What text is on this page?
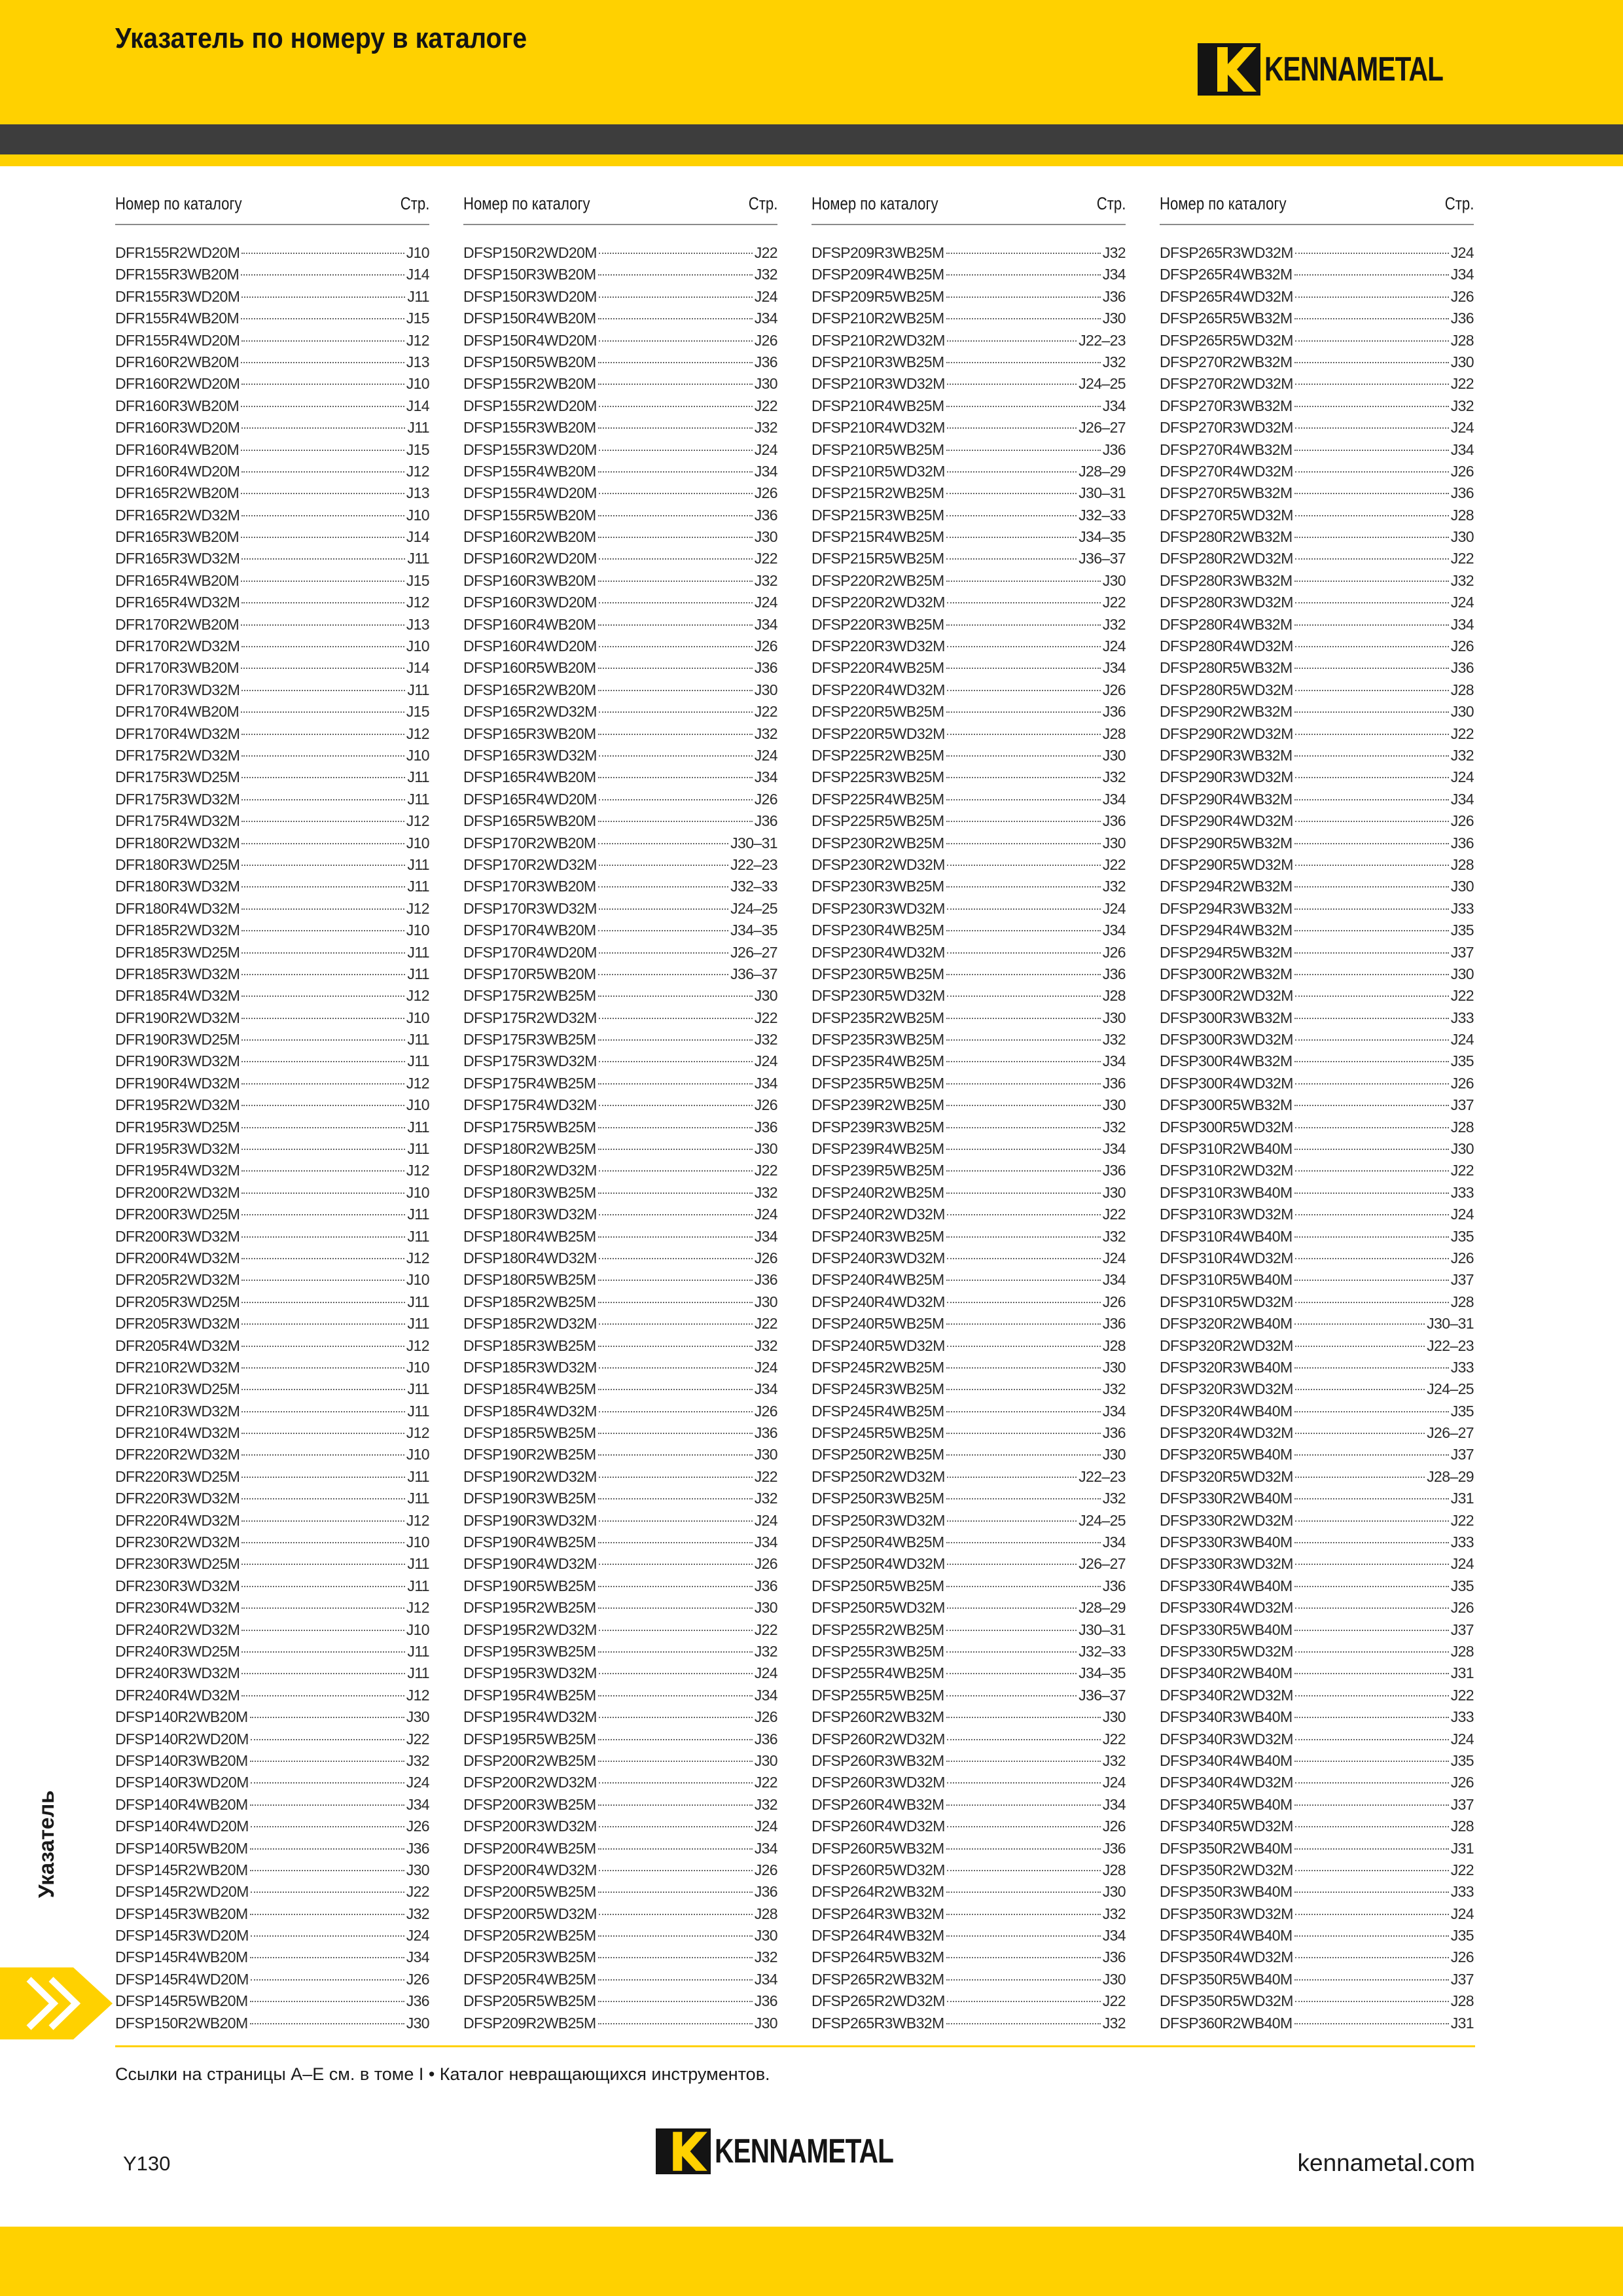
Указатель по номеру в каталоге
KENNAMETAL
Номер по каталогу	Стр.
DFR155R2WD20M	J10
DFR155R3WB20M	J14
DFR155R3WD20M	J11
DFR155R4WB20M	J15
DFR155R4WD20M	J12
DFR160R2WB20M	J13
DFR160R2WD20M	J10
DFR160R3WB20M	J14
DFR160R3WD20M	J11
DFR160R4WB20M	J15
DFR160R4WD20M	J12
DFR165R2WB20M	J13
DFR165R2WD32M	J10
DFR165R3WB20M	J14
DFR165R3WD32M	J11
DFR165R4WB20M	J15
DFR165R4WD32M	J12
DFR170R2WB20M	J13
DFR170R2WD32M	J10
DFR170R3WB20M	J14
DFR170R3WD32M	J11
DFR170R4WB20M	J15
DFR170R4WD32M	J12
DFR175R2WD32M	J10
DFR175R3WD25M	J11
DFR175R3WD32M	J11
DFR175R4WD32M	J12
DFR180R2WD32M	J10
DFR180R3WD25M	J11
DFR180R3WD32M	J11
DFR180R4WD32M	J12
DFR185R2WD32M	J10
DFR185R3WD25M	J11
DFR185R3WD32M	J11
DFR185R4WD32M	J12
DFR190R2WD32M	J10
DFR190R3WD25M	J11
DFR190R3WD32M	J11
DFR190R4WD32M	J12
DFR195R2WD32M	J10
DFR195R3WD25M	J11
DFR195R3WD32M	J11
DFR195R4WD32M	J12
DFR200R2WD32M	J10
DFR200R3WD25M	J11
DFR200R3WD32M	J11
DFR200R4WD32M	J12
DFR205R2WD32M	J10
DFR205R3WD25M	J11
DFR205R3WD32M	J11
DFR205R4WD32M	J12
DFR210R2WD32M	J10
DFR210R3WD25M	J11
DFR210R3WD32M	J11
DFR210R4WD32M	J12
DFR220R2WD32M	J10
DFR220R3WD25M	J11
DFR220R3WD32M	J11
DFR220R4WD32M	J12
DFR230R2WD32M	J10
DFR230R3WD25M	J11
DFR230R3WD32M	J11
DFR230R4WD32M	J12
DFR240R2WD32M	J10
DFR240R3WD25M	J11
DFR240R3WD32M	J11
DFR240R4WD32M	J12
DFSP140R2WB20M	J30
DFSP140R2WD20M	J22
DFSP140R3WB20M	J32
DFSP140R3WD20M	J24
DFSP140R4WB20M	J34
DFSP140R4WD20M	J26
DFSP140R5WB20M	J36
DFSP145R2WB20M	J30
DFSP145R2WD20M	J22
DFSP145R3WB20M	J32
DFSP145R3WD20M	J24
DFSP145R4WB20M	J34
DFSP145R4WD20M	J26
DFSP145R5WB20M	J36
DFSP150R2WB20M	J30
Номер по каталогу	Стр.
DFSP150R2WD20M	J22
DFSP150R3WB20M	J32
DFSP150R3WD20M	J24
DFSP150R4WB20M	J34
DFSP150R4WD20M	J26
DFSP150R5WB20M	J36
DFSP155R2WB20M	J30
DFSP155R2WD20M	J22
DFSP155R3WB20M	J32
DFSP155R3WD20M	J24
DFSP155R4WB20M	J34
DFSP155R4WD20M	J26
DFSP155R5WB20M	J36
DFSP160R2WB20M	J30
DFSP160R2WD20M	J22
DFSP160R3WB20M	J32
DFSP160R3WD20M	J24
DFSP160R4WB20M	J34
DFSP160R4WD20M	J26
DFSP160R5WB20M	J36
DFSP165R2WB20M	J30
DFSP165R2WD32M	J22
DFSP165R3WB20M	J32
DFSP165R3WD32M	J24
DFSP165R4WB20M	J34
DFSP165R4WD20M	J26
DFSP165R5WB20M	J36
DFSP170R2WB20M	J30–31
DFSP170R2WD32M	J22–23
DFSP170R3WB20M	J32–33
DFSP170R3WD32M	J24–25
DFSP170R4WB20M	J34–35
DFSP170R4WD20M	J26–27
DFSP170R5WB20M	J36–37
DFSP175R2WB25M	J30
DFSP175R2WD32M	J22
DFSP175R3WB25M	J32
DFSP175R3WD32M	J24
DFSP175R4WB25M	J34
DFSP175R4WD32M	J26
DFSP175R5WB25M	J36
DFSP180R2WB25M	J30
DFSP180R2WD32M	J22
DFSP180R3WB25M	J32
DFSP180R3WD32M	J24
DFSP180R4WB25M	J34
DFSP180R4WD32M	J26
DFSP180R5WB25M	J36
DFSP185R2WB25M	J30
DFSP185R2WD32M	J22
DFSP185R3WB25M	J32
DFSP185R3WD32M	J24
DFSP185R4WB25M	J34
DFSP185R4WD32M	J26
DFSP185R5WB25M	J36
DFSP190R2WB25M	J30
DFSP190R2WD32M	J22
DFSP190R3WB25M	J32
DFSP190R3WD32M	J24
DFSP190R4WB25M	J34
DFSP190R4WD32M	J26
DFSP190R5WB25M	J36
DFSP195R2WB25M	J30
DFSP195R2WD32M	J22
DFSP195R3WB25M	J32
DFSP195R3WD32M	J24
DFSP195R4WB25M	J34
DFSP195R4WD32M	J26
DFSP195R5WB25M	J36
DFSP200R2WB25M	J30
DFSP200R2WD32M	J22
DFSP200R3WB25M	J32
DFSP200R3WD32M	J24
DFSP200R4WB25M	J34
DFSP200R4WD32M	J26
DFSP200R5WB25M	J36
DFSP200R5WD32M	J28
DFSP205R2WB25M	J30
DFSP205R3WB25M	J32
DFSP205R4WB25M	J34
DFSP205R5WB25M	J36
DFSP209R2WB25M	J30
Номер по каталогу	Стр.
DFSP209R3WB25M	J32
DFSP209R4WB25M	J34
DFSP209R5WB25M	J36
DFSP210R2WB25M	J30
DFSP210R2WD32M	J22–23
DFSP210R3WB25M	J32
DFSP210R3WD32M	J24–25
DFSP210R4WB25M	J34
DFSP210R4WD32M	J26–27
DFSP210R5WB25M	J36
DFSP210R5WD32M	J28–29
DFSP215R2WB25M	J30–31
DFSP215R3WB25M	J32–33
DFSP215R4WB25M	J34–35
DFSP215R5WB25M	J36–37
DFSP220R2WB25M	J30
DFSP220R2WD32M	J22
DFSP220R3WB25M	J32
DFSP220R3WD32M	J24
DFSP220R4WB25M	J34
DFSP220R4WD32M	J26
DFSP220R5WB25M	J36
DFSP220R5WD32M	J28
DFSP225R2WB25M	J30
DFSP225R3WB25M	J32
DFSP225R4WB25M	J34
DFSP225R5WB25M	J36
DFSP230R2WB25M	J30
DFSP230R2WD32M	J22
DFSP230R3WB25M	J32
DFSP230R3WD32M	J24
DFSP230R4WB25M	J34
DFSP230R4WD32M	J26
DFSP230R5WB25M	J36
DFSP230R5WD32M	J28
DFSP235R2WB25M	J30
DFSP235R3WB25M	J32
DFSP235R4WB25M	J34
DFSP235R5WB25M	J36
DFSP239R2WB25M	J30
DFSP239R3WB25M	J32
DFSP239R4WB25M	J34
DFSP239R5WB25M	J36
DFSP240R2WB25M	J30
DFSP240R2WD32M	J22
DFSP240R3WB25M	J32
DFSP240R3WD32M	J24
DFSP240R4WB25M	J34
DFSP240R4WD32M	J26
DFSP240R5WB25M	J36
DFSP240R5WD32M	J28
DFSP245R2WB25M	J30
DFSP245R3WB25M	J32
DFSP245R4WB25M	J34
DFSP245R5WB25M	J36
DFSP250R2WB25M	J30
DFSP250R2WD32M	J22–23
DFSP250R3WB25M	J32
DFSP250R3WD32M	J24–25
DFSP250R4WB25M	J34
DFSP250R4WD32M	J26–27
DFSP250R5WB25M	J36
DFSP250R5WD32M	J28–29
DFSP255R2WB25M	J30–31
DFSP255R3WB25M	J32–33
DFSP255R4WB25M	J34–35
DFSP255R5WB25M	J36–37
DFSP260R2WB32M	J30
DFSP260R2WD32M	J22
DFSP260R3WB32M	J32
DFSP260R3WD32M	J24
DFSP260R4WB32M	J34
DFSP260R4WD32M	J26
DFSP260R5WB32M	J36
DFSP260R5WD32M	J28
DFSP264R2WB32M	J30
DFSP264R3WB32M	J32
DFSP264R4WB32M	J34
DFSP264R5WB32M	J36
DFSP265R2WB32M	J30
DFSP265R2WD32M	J22
DFSP265R3WB32M	J32
Номер по каталогу	Стр.
DFSP265R3WD32M	J24
DFSP265R4WB32M	J34
DFSP265R4WD32M	J26
DFSP265R5WB32M	J36
DFSP265R5WD32M	J28
DFSP270R2WB32M	J30
DFSP270R2WD32M	J22
DFSP270R3WB32M	J32
DFSP270R3WD32M	J24
DFSP270R4WB32M	J34
DFSP270R4WD32M	J26
DFSP270R5WB32M	J36
DFSP270R5WD32M	J28
DFSP280R2WB32M	J30
DFSP280R2WD32M	J22
DFSP280R3WB32M	J32
DFSP280R3WD32M	J24
DFSP280R4WB32M	J34
DFSP280R4WD32M	J26
DFSP280R5WB32M	J36
DFSP280R5WD32M	J28
DFSP290R2WB32M	J30
DFSP290R2WD32M	J22
DFSP290R3WB32M	J32
DFSP290R3WD32M	J24
DFSP290R4WB32M	J34
DFSP290R4WD32M	J26
DFSP290R5WB32M	J36
DFSP290R5WD32M	J28
DFSP294R2WB32M	J30
DFSP294R3WB32M	J33
DFSP294R4WB32M	J35
DFSP294R5WB32M	J37
DFSP300R2WB32M	J30
DFSP300R2WD32M	J22
DFSP300R3WB32M	J33
DFSP300R3WD32M	J24
DFSP300R4WB32M	J35
DFSP300R4WD32M	J26
DFSP300R5WB32M	J37
DFSP300R5WD32M	J28
DFSP310R2WB40M	J30
DFSP310R2WD32M	J22
DFSP310R3WB40M	J33
DFSP310R3WD32M	J24
DFSP310R4WB40M	J35
DFSP310R4WD32M	J26
DFSP310R5WB40M	J37
DFSP310R5WD32M	J28
DFSP320R2WB40M	J30–31
DFSP320R2WD32M	J22–23
DFSP320R3WB40M	J33
DFSP320R3WD32M	J24–25
DFSP320R4WB40M	J35
DFSP320R4WD32M	J26–27
DFSP320R5WB40M	J37
DFSP320R5WD32M	J28–29
DFSP330R2WB40M	J31
DFSP330R2WD32M	J22
DFSP330R3WB40M	J33
DFSP330R3WD32M	J24
DFSP330R4WB40M	J35
DFSP330R4WD32M	J26
DFSP330R5WB40M	J37
DFSP330R5WD32M	J28
DFSP340R2WB40M	J31
DFSP340R2WD32M	J22
DFSP340R3WB40M	J33
DFSP340R3WD32M	J24
DFSP340R4WB40M	J35
DFSP340R4WD32M	J26
DFSP340R5WB40M	J37
DFSP340R5WD32M	J28
DFSP350R2WB40M	J31
DFSP350R2WD32M	J22
DFSP350R3WB40M	J33
DFSP350R3WD32M	J24
DFSP350R4WB40M	J35
DFSP350R4WD32M	J26
DFSP350R5WB40M	J37
DFSP350R5WD32M	J28
DFSP360R2WB40M	J31
Указатель
Ссылки на страницы A–E см. в томе I • Каталог невращающихся инструментов.
Y130	KENNAMETAL	kennametal.com
